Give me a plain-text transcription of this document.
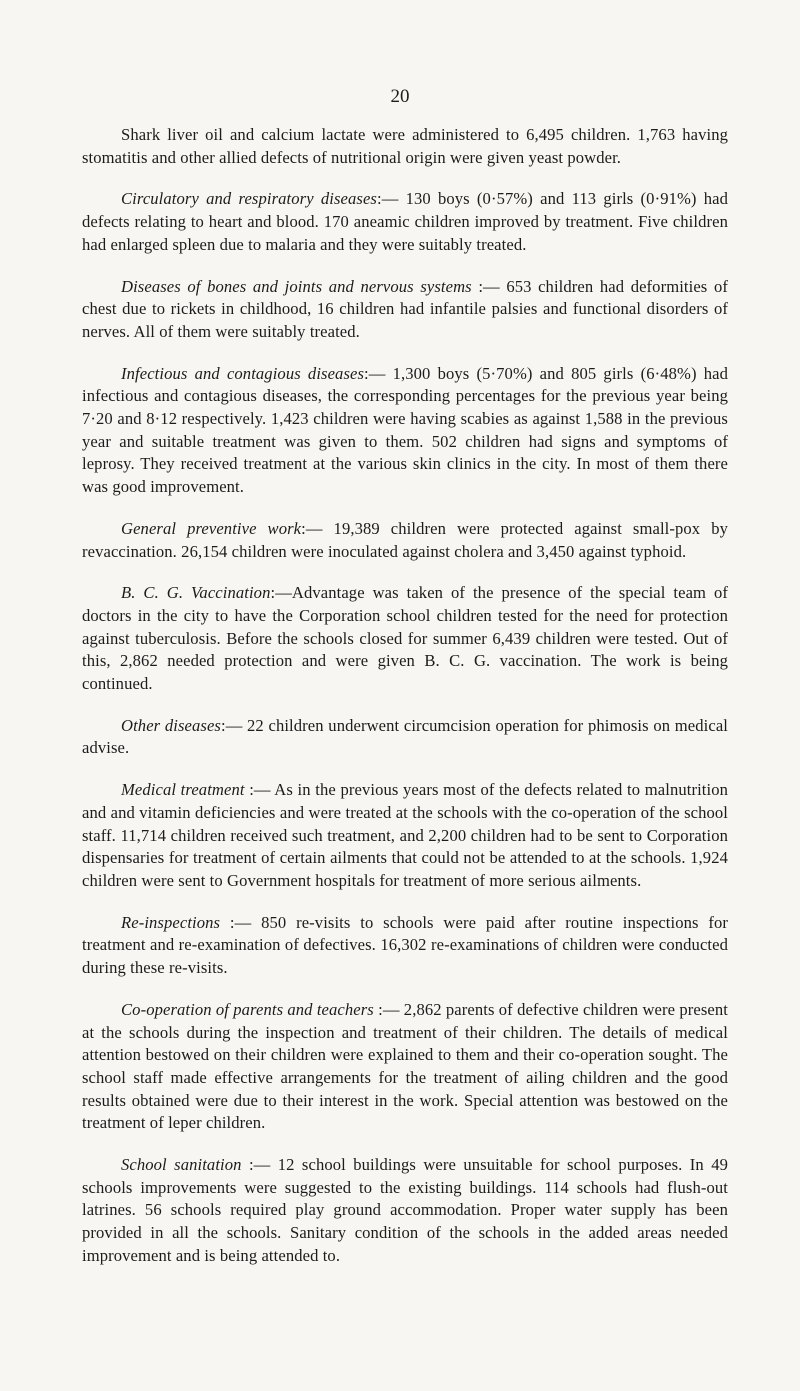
20

Shark liver oil and calcium lactate were administered to 6,495 children. 1,763 having stomatitis and other allied defects of nutritional origin were given yeast powder.

Circulatory and respiratory diseases:— 130 boys (0·57%) and 113 girls (0·91%) had defects relating to heart and blood. 170 aneamic children improved by treatment. Five children had enlarged spleen due to malaria and they were suitably treated.

Diseases of bones and joints and nervous systems :— 653 children had deformities of chest due to rickets in childhood, 16 children had infantile palsies and functional disorders of nerves. All of them were suitably treated.

Infectious and contagious diseases:— 1,300 boys (5·70%) and 805 girls (6·48%) had infectious and contagious diseases, the corresponding percentages for the previous year being 7·20 and 8·12 respectively. 1,423 children were having scabies as against 1,588 in the previous year and suitable treatment was given to them. 502 children had signs and symptoms of leprosy. They received treatment at the various skin clinics in the city. In most of them there was good improvement.

General preventive work:— 19,389 children were protected against small-pox by revaccination. 26,154 children were inoculated against cholera and 3,450 against typhoid.

B. C. G. Vaccination:—Advantage was taken of the presence of the special team of doctors in the city to have the Corporation school children tested for the need for protection against tuberculosis. Before the schools closed for summer 6,439 children were tested. Out of this, 2,862 needed protection and were given B. C. G. vaccination. The work is being continued.

Other diseases:— 22 children underwent circumcision operation for phimosis on medical advise.

Medical treatment :— As in the previous years most of the defects related to malnutrition and and vitamin deficiencies and were treated at the schools with the co-operation of the school staff. 11,714 children received such treatment, and 2,200 children had to be sent to Corporation dispensaries for treatment of certain ailments that could not be attended to at the schools. 1,924 children were sent to Government hospitals for treatment of more serious ailments.

Re-inspections :— 850 re-visits to schools were paid after routine inspections for treatment and re-examination of defectives. 16,302 re-examinations of children were conducted during these re-visits.

Co-operation of parents and teachers :— 2,862 parents of defective children were present at the schools during the inspection and treatment of their children. The details of medical attention bestowed on their children were explained to them and their co-operation sought. The school staff made effective arrangements for the treatment of ailing children and the good results obtained were due to their interest in the work. Special attention was bestowed on the treatment of leper children.

School sanitation :— 12 school buildings were unsuitable for school purposes. In 49 schools improvements were suggested to the existing buildings. 114 schools had flush-out latrines. 56 schools required play ground accommodation. Proper water supply has been provided in all the schools. Sanitary condition of the schools in the added areas needed improvement and is being attended to.
